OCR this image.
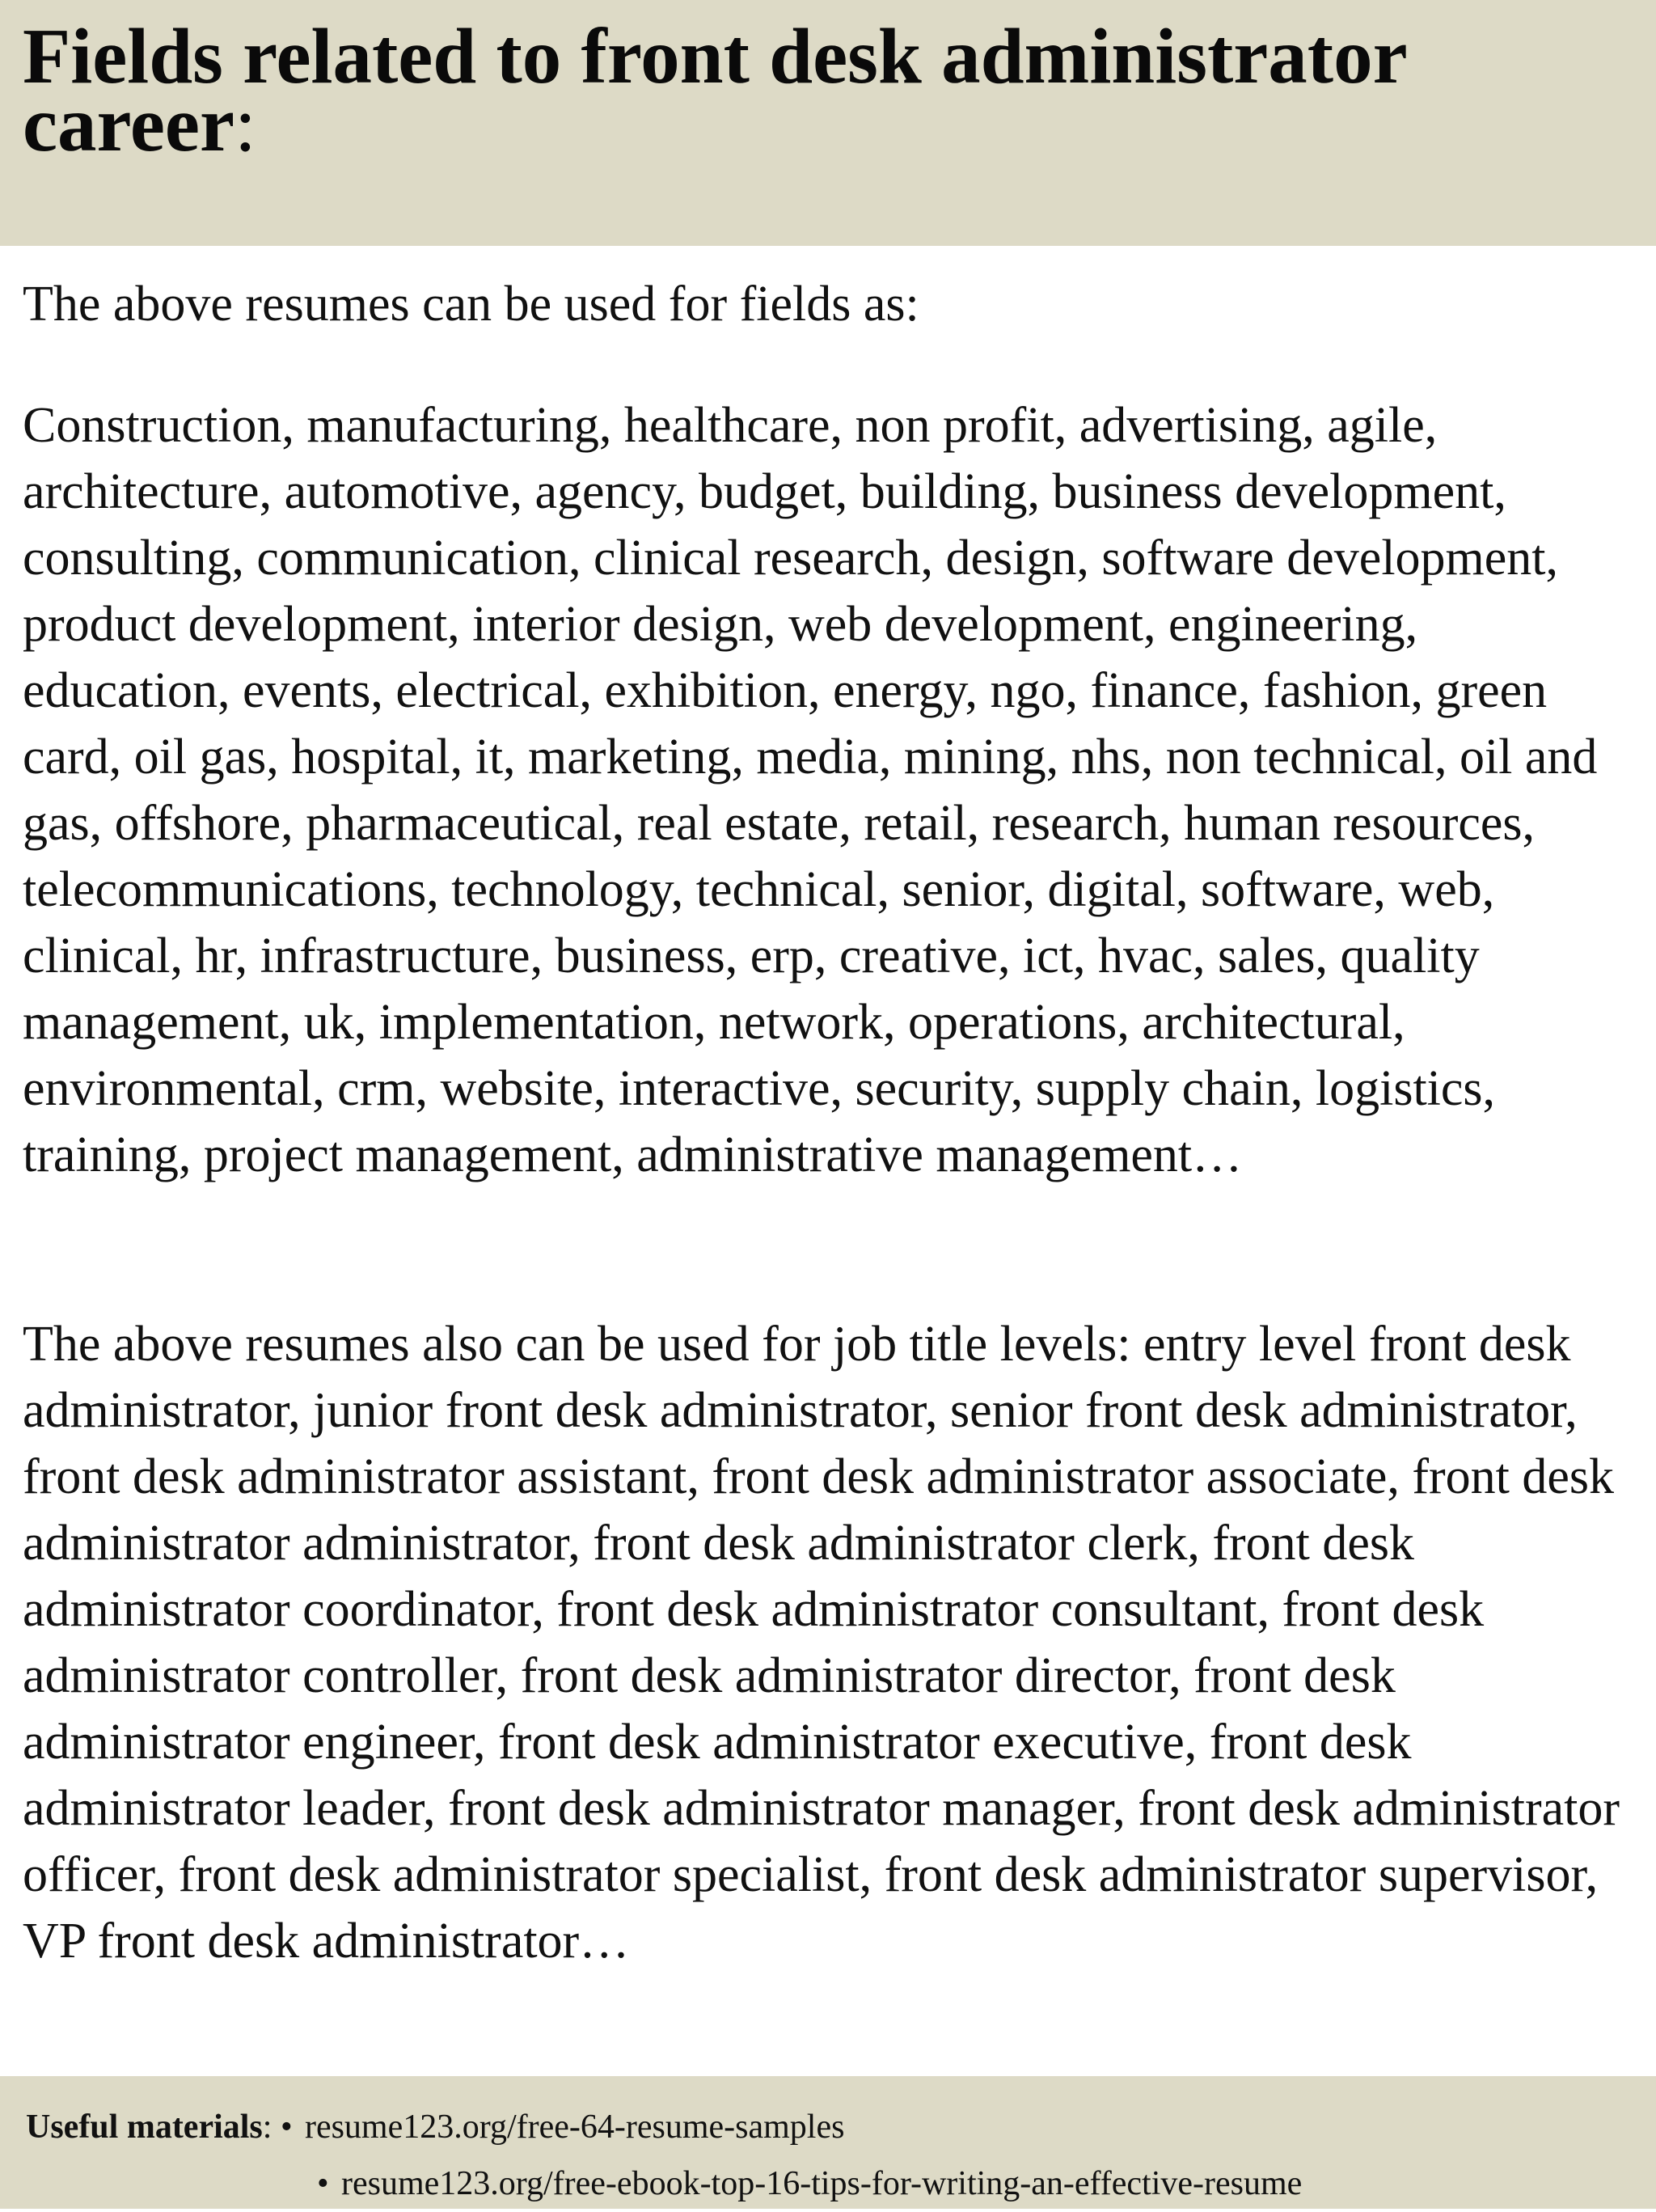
Fields related to front desk administrator career:

The above resumes can be used for fields as:

Construction, manufacturing, healthcare, non profit, advertising, agile, architecture, automotive, agency, budget, building, business development, consulting, communication, clinical research, design, software development, product development, interior design, web development, engineering, education, events, electrical, exhibition, energy, ngo, finance, fashion, green card, oil gas, hospital, it, marketing, media, mining, nhs, non technical, oil and gas, offshore, pharmaceutical, real estate, retail, research, human resources, telecommunications, technology, technical, senior, digital, software, web, clinical, hr, infrastructure, business, erp, creative, ict, hvac, sales, quality management, uk, implementation, network, operations, architectural, environmental, crm, website, interactive, security, supply chain, logistics, training, project management, administrative management…

The above resumes also can be used for job title levels: entry level front desk administrator, junior front desk administrator, senior front desk administrator, front desk administrator assistant, front desk administrator associate, front desk administrator administrator, front desk administrator clerk, front desk administrator coordinator, front desk administrator consultant, front desk administrator controller, front desk administrator director, front desk administrator engineer, front desk administrator executive, front desk administrator leader, front desk administrator manager, front desk administrator officer, front desk administrator specialist, front desk administrator supervisor, VP front desk administrator…

Useful materials: • resume123.org/free-64-resume-samples
• resume123.org/free-ebook-top-16-tips-for-writing-an-effective-resume
